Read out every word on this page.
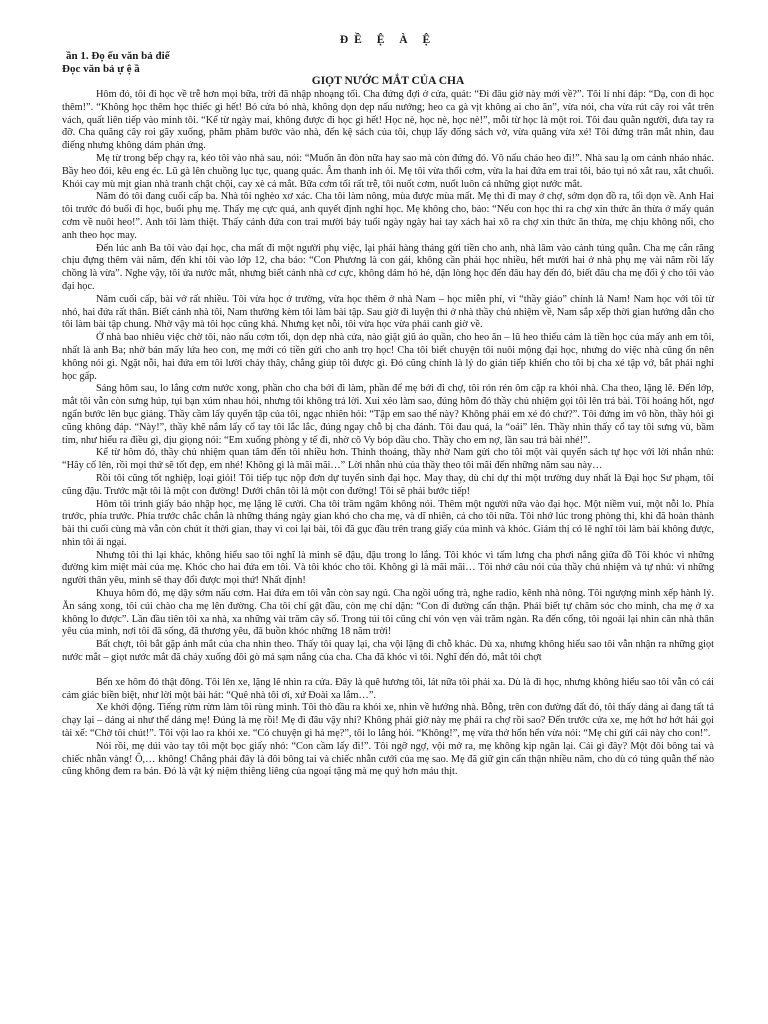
ĐỀ Ệ À Ệ
ần 1. Đọ ểu văn bả điể
Đọc văn bả ự ệ ầ
GIỌT NƯỚC MẮT CỦA CHA

Hôm đó, tôi đi học về trễ hơn mọi bữa, trời đã nhập nhoạng tối. Cha đứng đợi ở cửa, quát: “Đi đâu giờ này mới về?”. Tôi lí nhí đáp: “Dạ, con đi học thêm!”. “Không học thêm học thiếc gì hết! Bỏ cửa bỏ nhà, không dọn dẹp nấu nướng; heo ca gà vịt không ai cho ăn”, vừa nói, cha vừa rút cây roi vắt trên vách, quất liên tiếp vào mình tôi. “Kể từ ngày mai, không được đi học gì hết! Học nè, học nè, học nè!”, mỗi từ học là một roi. Tôi đau quằn người, đưa tay ra đỡ. Cha quăng cây roi gãy xuống, phăm phăm bước vào nhà, đến kệ sách của tôi, chụp lấy đống sách vở, vừa quăng vừa xé! Tôi đứng trân mắt nhìn, đau điếng nhưng không dám phản ứng.

Mẹ từ trong bếp chạy ra, kéo tôi vào nhà sau, nói: “Muốn ăn đòn nữa hay sao mà còn đứng đó. Vô nấu cháo heo đi!”. Nhà sau lạ om cảnh nháo nhác. Bầy heo đói, kêu eng éc. Lũ gà lên chuồng lục tục, quang quác. Âm thanh inh ỏi. Mẹ tôi vừa thổi cơm, vừa la hai đứa em trai tôi, bảo tụi nó xắt rau, xắt chuối. Khói cay mù mịt gian nhà tranh chật chội, cay xè cả mắt. Bữa cơm tối rất trễ, tôi nuốt cơm, nuốt luôn cả những giọt nước mắt.

Năm đó tôi đang cuối cấp ba. Nhà tôi nghèo xơ xác. Cha tôi làm nông, mùa được mùa mất. Mẹ thì đi may ở chợ, sớm dọn đồ ra, tối dọn về. Anh Hai tôi trước đó buổi đi học, buổi phụ mẹ. Thấy mẹ cực quá, anh quyết định nghỉ học. Mẹ không cho, bảo: “Nếu con học thì ra chợ xin thức ăn thừa ở mấy quán cơm về nuôi heo!”. Anh tôi làm thiệt. Thấy cảnh đứa con trai mười bảy tuổi ngày ngày hai tay xách hai xô ra chợ xin thức ăn thừa, mẹ chịu không nổi, cho anh theo học may.

Đến lúc anh Ba tôi vào đại học, cha mất đi một người phụ việc, lại phải hàng tháng gửi tiền cho anh, nhà lâm vào cảnh túng quẫn. Cha mẹ cắn răng chịu đựng thêm vài năm, đến khi tôi vào lớp 12, cha bảo: “Con Phương là con gái, không cần phải học nhiều, hết mười hai ở nhà phụ mẹ vài năm rồi lấy chồng là vừa”. Nghe vậy, tôi ứa nước mắt, nhưng biết cảnh nhà cơ cực, không dám hó hé, dặn lòng học đến đâu hay đến đó, biết đâu cha mẹ đổi ý cho tôi vào đại học.

Năm cuối cấp, bài vở rất nhiều. Tôi vừa học ở trường, vừa học thêm ở nhà Nam – học miễn phí, vì “thầy giáo” chính là Nam! Nam học với tôi từ nhỏ, hai đứa rất thân. Biết cảnh nhà tôi, Nam thường kèm tôi làm bài tập. Sau giờ đi luyện thi ở nhà thầy chủ nhiệm về, Nam sắp xếp thời gian hướng dẫn cho tôi làm bài tập chung. Nhờ vậy mà tôi học cũng khá. Nhưng kẹt nỗi, tôi vừa học vừa phải canh giờ về.

Ở nhà bao nhiêu việc chờ tôi, nào nấu cơm tối, dọn dẹp nhà cửa, nào giặt giũ áo quần, cho heo ăn – lũ heo thiếu cám là tiền học của mấy anh em tôi, nhất là anh Ba; nhờ bán mấy lứa heo con, mẹ mới có tiền gửi cho anh trọ học! Cha tôi biết chuyện tôi nuôi mộng đại học, nhưng do việc nhà cũng ổn nên không nói gì. Ngặt nỗi, hai đứa em tôi lười chảy thây, chẳng giúp tôi được gì. Đó cũng chính là lý do gián tiếp khiến cho tôi bị cha xé tập vở, bắt phải nghỉ học gấp.

Sáng hôm sau, lo lắng cơm nước xong, phần cho cha bới đi làm, phần để mẹ bới đi chợ, tôi rón rén ôm cặp ra khỏi nhà. Cha theo, lặng lẽ. Đến lớp, mắt tôi vẫn còn sưng húp, tụi bạn xúm nhau hỏi, nhưng tôi không trả lời. Xui xẻo làm sao, đúng hôm đó thầy chủ nhiệm gọi tôi lên trả bài. Tôi hoảng hốt, ngơ ngẩn bước lên bục giảng. Thầy cầm lấy quyển tập của tôi, ngạc nhiên hỏi: “Tập em sao thế này? Không phải em xé đó chứ?”. Tôi đứng im vô hồn, thầy hỏi gì cũng không đáp. “Này!”, thầy khẽ nắm lấy cổ tay tôi lắc lắc, đúng ngay chỗ bị cha đánh. Tôi đau quá, la “oái” lên. Thầy nhìn thấy cổ tay tôi sưng vù, bầm tím, như hiểu ra điều gì, dịu giọng nói: “Em xuống phòng y tế đi, nhờ cô Vy bóp dầu cho. Thầy cho em nợ, lần sau trả bài nhé!”.

Kể từ hôm đó, thầy chủ nhiệm quan tâm đến tôi nhiều hơn. Thỉnh thoảng, thầy nhờ Nam gửi cho tôi một vài quyển sách tự học với lời nhắn nhủ: “Hãy cố lên, rồi mọi thứ sẽ tốt đẹp, em nhé! Không gì là mãi mãi…” Lời nhắn nhủ của thầy theo tôi mãi đến những năm sau này…

Rồi tôi cũng tốt nghiệp, loại giỏi! Tôi tiếp tục nộp đơn dự tuyển sinh đại học. May thay, dù chỉ dự thi một trường duy nhất là Đại học Sư phạm, tôi cũng đậu. Trước mặt tôi là một con đường! Dưới chân tôi là một con đường! Tôi sẽ phải bước tiếp!

Hôm tôi trình giấy báo nhập học, mẹ lặng lẽ cười. Cha tôi trầm ngâm không nói. Thêm một người nữa vào đại học. Một niềm vui, một nỗi lo. Phía trước, phía trước. Phía trước chắc chắn là những tháng ngày gian khó cho cha mẹ, và dĩ nhiên, cả cho tôi nữa. Tôi nhớ lúc trong phòng thi, khi đã hoàn thành bài thi cuối cùng mà vẫn còn chút ít thời gian, thay vì coi lại bài, tôi đã gục đầu trên trang giấy của mình và khóc. Giám thị có lẽ nghĩ tôi làm bài không được, nhìn tôi ái ngại.

Nhưng tôi thì lại khác, không hiểu sao tôi nghĩ là mình sẽ đậu, đậu trong lo lắng. Tôi khóc vì tấm lưng cha phơi nắng giữa đồ Tôi khóc vì những đường kim miệt mài của mẹ. Khóc cho hai đứa em tôi. Và tôi khóc cho tôi. Không gì là mãi mãi… Tôi nhớ câu nói của thầy chủ nhiệm và tự nhủ: vì những người thân yêu, mình sẽ thay đổi được mọi thứ! Nhất định!

Khuya hôm đó, mẹ dậy sớm nấu cơm. Hai đứa em tôi vẫn còn say ngủ. Cha ngồi uống trà, nghe radio, kênh nhà nông. Tôi ngượng mình xếp hành lý. Ăn sáng xong, tôi cúi chào cha mẹ lên đường. Cha tôi chỉ gật đầu, còn mẹ chỉ dặn: “Con đi đường cẩn thận. Phải biết tự chăm sóc cho mình, cha mẹ ở xa không lo được”. Lần đầu tiên tôi xa nhà, xa những vài trăm cây số. Trong túi tôi cũng chỉ vỏn vẹn vài trăm ngàn. Ra đến cổng, tôi ngoái lại nhìn căn nhà thân yêu của mình, nơi tôi đã sống, đã thương yêu, đã buồn khóc những 18 năm trời!

Bất chợt, tôi bắt gặp ánh mắt của cha nhìn theo. Thấy tôi quay lại, cha vội lặng đi chỗ khác. Dù xa, nhưng không hiểu sao tôi vẫn nhận ra những giọt nước mắt – giọt nước mắt đã chảy xuống đôi gò má sạm nắng của cha. Cha đã khóc vì tôi. Nghĩ đến đó, mắt tôi chợt

Bến xe hôm đó thật đông. Tôi lên xe, lặng lẽ nhìn ra cửa. Đây là quê hương tôi, lát nữa tôi phải xa. Dù là đi học, nhưng không hiểu sao tôi vẫn có cái cảm giác biền biệt, như lời một bài hát: “Quê nhà tôi ơi, xứ Đoài xa lắm…”.

Xe khởi động. Tiếng rừm rừm làm tôi rùng mình. Tôi thò đầu ra khỏi xe, nhìn về hướng nhà. Bỗng, trên con đường đất đỏ, tôi thấy dáng ai đang tất tả chạy lại – dáng ai như thể dáng mẹ! Đúng là mẹ rồi! Mẹ đi đâu vậy nhỉ? Không phải giờ này mẹ phải ra chợ rồi sao? Đến trước cửa xe, mẹ hớt hơ hớt hải gọi tài xế: “Chờ tôi chút!”. Tôi vội lao ra khỏi xe. “Có chuyện gì hả mẹ?”, tôi lo lắng hỏi. “Không!”, mẹ vừa thở hổn hển vừa nói: “Mẹ chỉ gửi cái này cho con!”.

Nói rồi, mẹ dúi vào tay tôi một bọc giấy nhỏ: “Con cầm lấy đi!”. Tôi ngỡ ngợ, vội mở ra, mẹ không kịp ngăn lại. Cái gì đây? Một đôi bông tai và chiếc nhẫn vàng! Ô,… không! Chẳng phải đây là đôi bông tai và chiếc nhẫn cưới của mẹ sao. Mẹ đã giữ gìn cẩn thận nhiều năm, cho dù có túng quẫn thế nào cũng không đem ra bán. Đó là vật kỷ niệm thiêng liêng của ngoại tặng mà mẹ quý hơn máu thịt.
